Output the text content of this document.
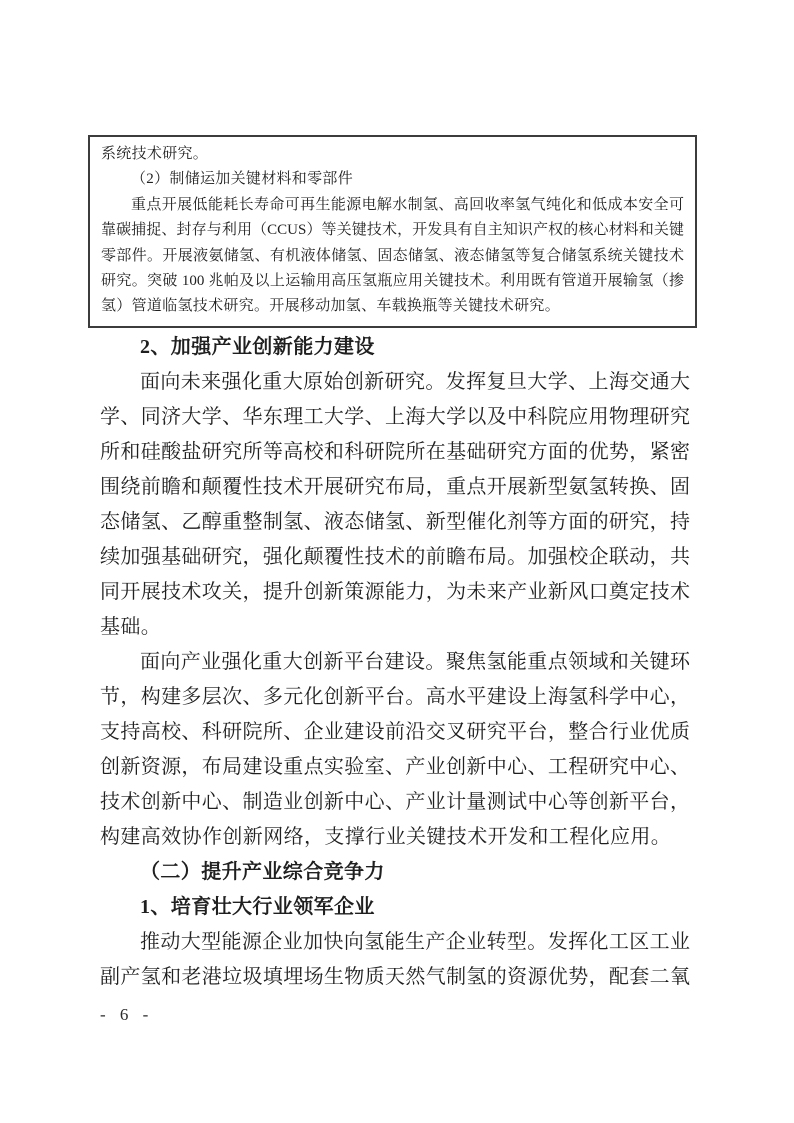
系统技术研究。
（2）制储运加关键材料和零部件
重点开展低能耗长寿命可再生能源电解水制氢、高回收率氢气纯化和低成本安全可
靠碳捕捉、封存与利用（CCUS）等关键技术，开发具有自主知识产权的核心材料和关键
零部件。开展液氨储氢、有机液体储氢、固态储氢、液态储氢等复合储氢系统关键技术
研究。突破 100 兆帕及以上运输用高压氢瓶应用关键技术。利用既有管道开展输氢（掺
氢）管道临氢技术研究。开展移动加氢、车载换瓶等关键技术研究。
2、加强产业创新能力建设
面向未来强化重大原始创新研究。发挥复旦大学、上海交通大
学、同济大学、华东理工大学、上海大学以及中科院应用物理研究
所和硅酸盐研究所等高校和科研院所在基础研究方面的优势，紧密
围绕前瞻和颠覆性技术开展研究布局，重点开展新型氨氢转换、固
态储氢、乙醇重整制氢、液态储氢、新型催化剂等方面的研究，持
续加强基础研究，强化颠覆性技术的前瞻布局。加强校企联动，共
同开展技术攻关，提升创新策源能力，为未来产业新风口奠定技术
基础。
面向产业强化重大创新平台建设。聚焦氢能重点领域和关键环
节，构建多层次、多元化创新平台。高水平建设上海氢科学中心，
支持高校、科研院所、企业建设前沿交叉研究平台，整合行业优质
创新资源，布局建设重点实验室、产业创新中心、工程研究中心、
技术创新中心、制造业创新中心、产业计量测试中心等创新平台，
构建高效协作创新网络，支撑行业关键技术开发和工程化应用。
（二）提升产业综合竞争力
1、培育壮大行业领军企业
推动大型能源企业加快向氢能生产企业转型。发挥化工区工业
副产氢和老港垃圾填埋场生物质天然气制氢的资源优势，配套二氧
- 6 -
